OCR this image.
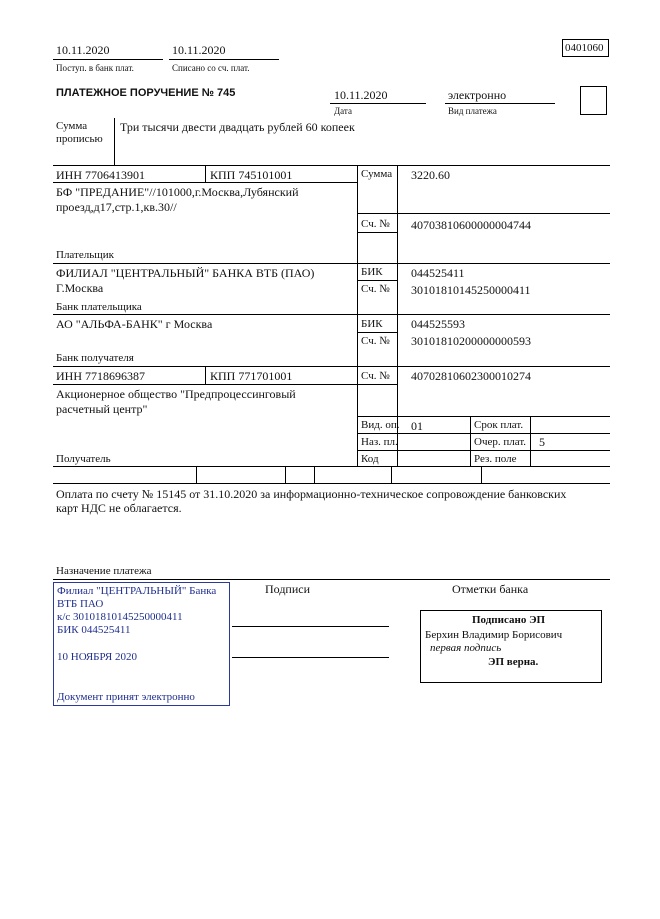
10.11.2020
Поступ. в банк плат.
10.11.2020
Списано со сч. плат.
0401060
ПЛАТЕЖНОЕ ПОРУЧЕНИЕ № 745	10.11.2020
Дата
электронно
Вид платежа
Сумма
прописью
Три тысячи двести двадцать рублей 60 копеек
ИНН 7706413901	КПП 745101001
БФ "ПРЕДАНИЕ"//101000,г.Москва,Лубянский
проезд,д17,стр.1,кв.30//
Плательщик
Сумма 3220.60
Сч. № 40703810600000004744
ФИЛИАЛ "ЦЕНТРАЛЬНЫЙ" БАНКА ВТБ (ПАО)
Г.Москва
Банк плательщика
БИК 044525411
Сч. № 30101810145250000411
АО "АЛЬФА-БАНК" г Москва
Банк получателя
БИК 044525593
Сч. № 30101810200000000593
ИНН 7718696387	КПП 771701001
Акционерное общество "Предпроцессинговый
расчетный центр"
Получатель
Сч. № 40702810602300010274
Вид. оп. 01	Срок плат.
Наз. пл.	Очер. плат. 5
Код	Рез. поле
Оплата по счету № 15145 от 31.10.2020 за информационно-техническое сопровождение банковских
карт НДС не облагается.
Назначение платежа
Подписи	Отметки банка
Филиал "ЦЕНТРАЛЬНЫЙ" Банка
ВТБ ПАО
к/с 30101810145250000411
БИК 044525411
10 НОЯБРЯ 2020
Документ принят электронно
Подписано ЭП
Берхин Владимир Борисович
первая подпись
ЭП верна.
